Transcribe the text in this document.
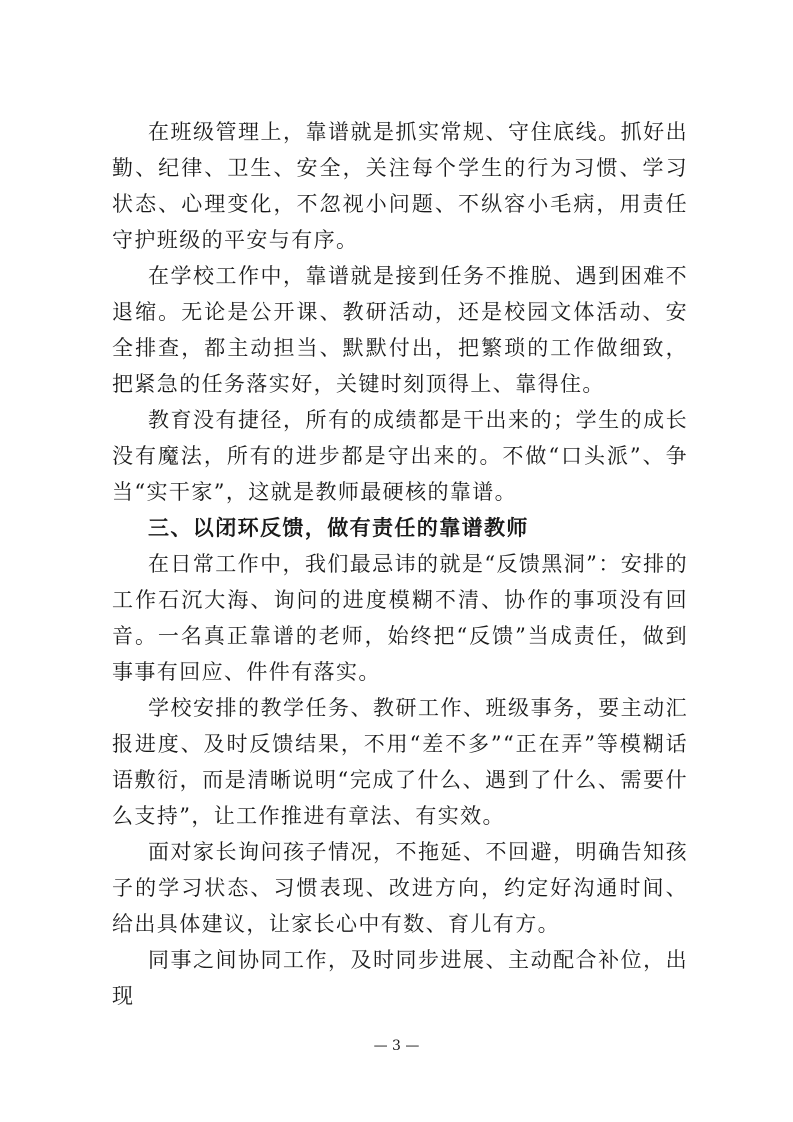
在班级管理上，靠谱就是抓实常规、守住底线。抓好出勤、纪律、卫生、安全，关注每个学生的行为习惯、学习状态、心理变化，不忽视小问题、不纵容小毛病，用责任守护班级的平安与有序。

在学校工作中，靠谱就是接到任务不推脱、遇到困难不退缩。无论是公开课、教研活动，还是校园文体活动、安全排查，都主动担当、默默付出，把繁琐的工作做细致，把紧急的任务落实好，关键时刻顶得上、靠得住。

教育没有捷径，所有的成绩都是干出来的；学生的成长没有魔法，所有的进步都是守出来的。不做“口头派”、争当“实干家”，这就是教师最硬核的靠谱。

三、以闭环反馈，做有责任的靠谱教师

在日常工作中，我们最忌讳的就是“反馈黑洞”：安排的工作石沉大海、询问的进度模糊不清、协作的事项没有回音。一名真正靠谱的老师，始终把“反馈”当成责任，做到事事有回应、件件有落实。

学校安排的教学任务、教研工作、班级事务，要主动汇报进度、及时反馈结果，不用“差不多”“正在弄”等模糊话语敷衍，而是清晰说明“完成了什么、遇到了什么、需要什么支持”，让工作推进有章法、有实效。

面对家长询问孩子情况，不拖延、不回避，明确告知孩子的学习状态、习惯表现、改进方向，约定好沟通时间、给出具体建议，让家长心中有数、育儿有方。

同事之间协同工作，及时同步进展、主动配合补位，出现

— 3 —
